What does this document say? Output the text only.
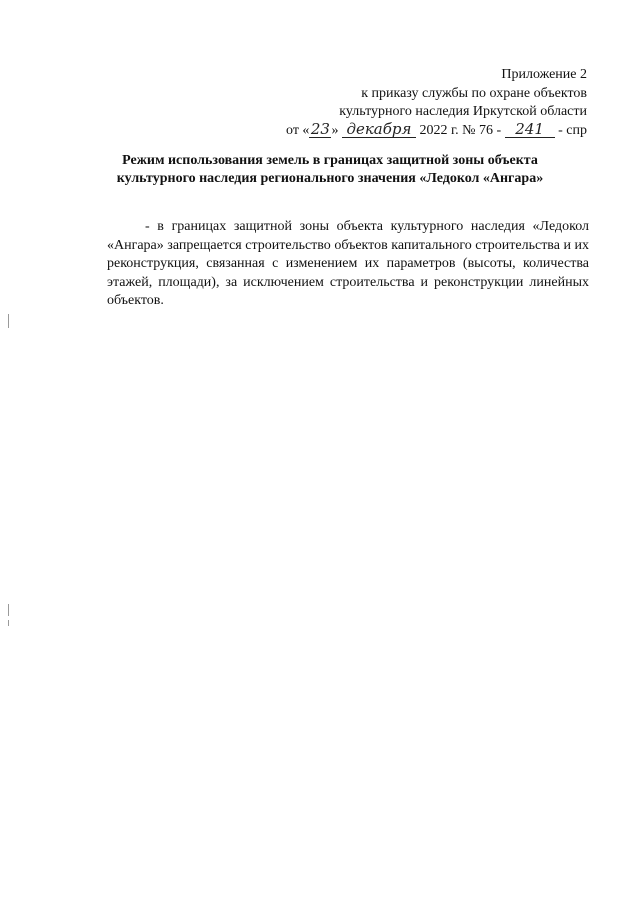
Приложение 2
к приказу службы по охране объектов
культурного наследия Иркутской области
от «23» декабря 2022 г. № 76 - 241 - спр
Режим использования земель в границах защитной зоны объекта
культурного наследия регионального значения «Ледокол «Ангара»
- в границах защитной зоны объекта культурного наследия «Ледокол «Ангара» запрещается строительство объектов капитального строительства и их реконструкция, связанная с изменением их параметров (высоты, количества этажей, площади), за исключением строительства и реконструкции линейных объектов.
